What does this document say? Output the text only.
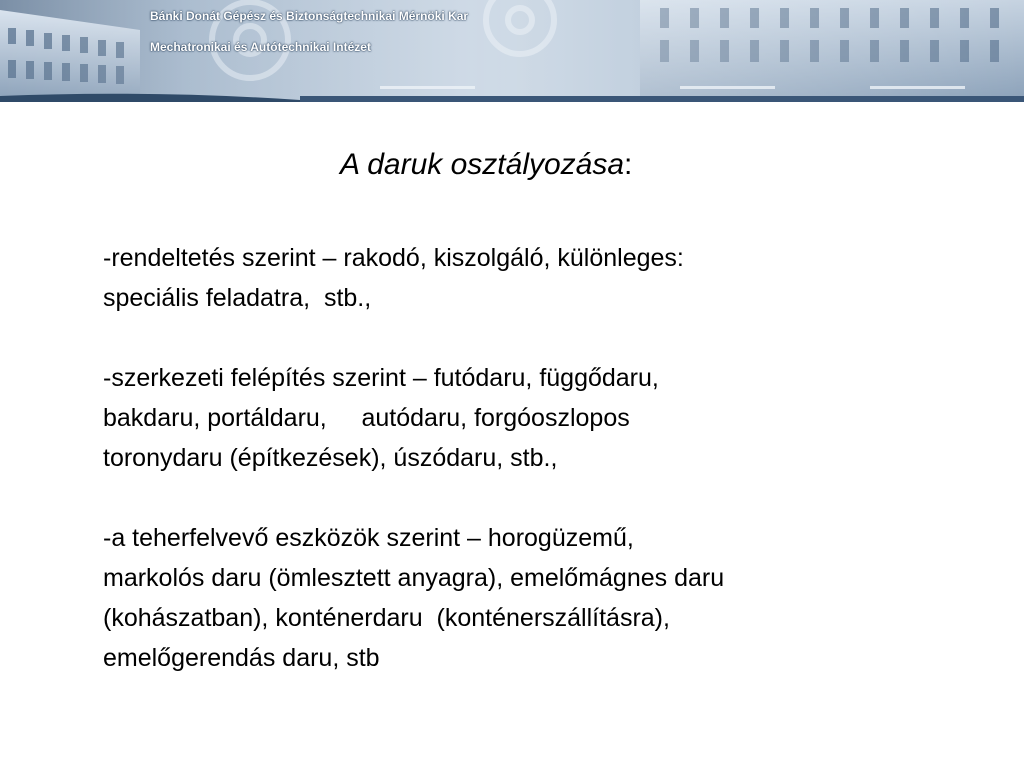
Bánki Donát Gépész és Biztonságtechnikai Mérnöki Kar
Mechatronikai és Autótechnikai Intézet
A daruk osztályozása:
-rendeltetés szerint – rakodó, kiszolgáló, különleges:
speciális feladatra,  stb.,
-szerkezeti felépítés szerint – futódaru, függődaru,
bakdaru, portáldaru,     autódaru, forgóoszlopos
toronydaru (építkezések), úszódaru, stb.,
-a teherfelvevő eszközök szerint – horogüzemű,
markolós daru (ömlesztett anyagra), emelőmágnes daru
(kohászatban), konténerdaru  (konténerszállításra),
emelőgerendás daru, stb
